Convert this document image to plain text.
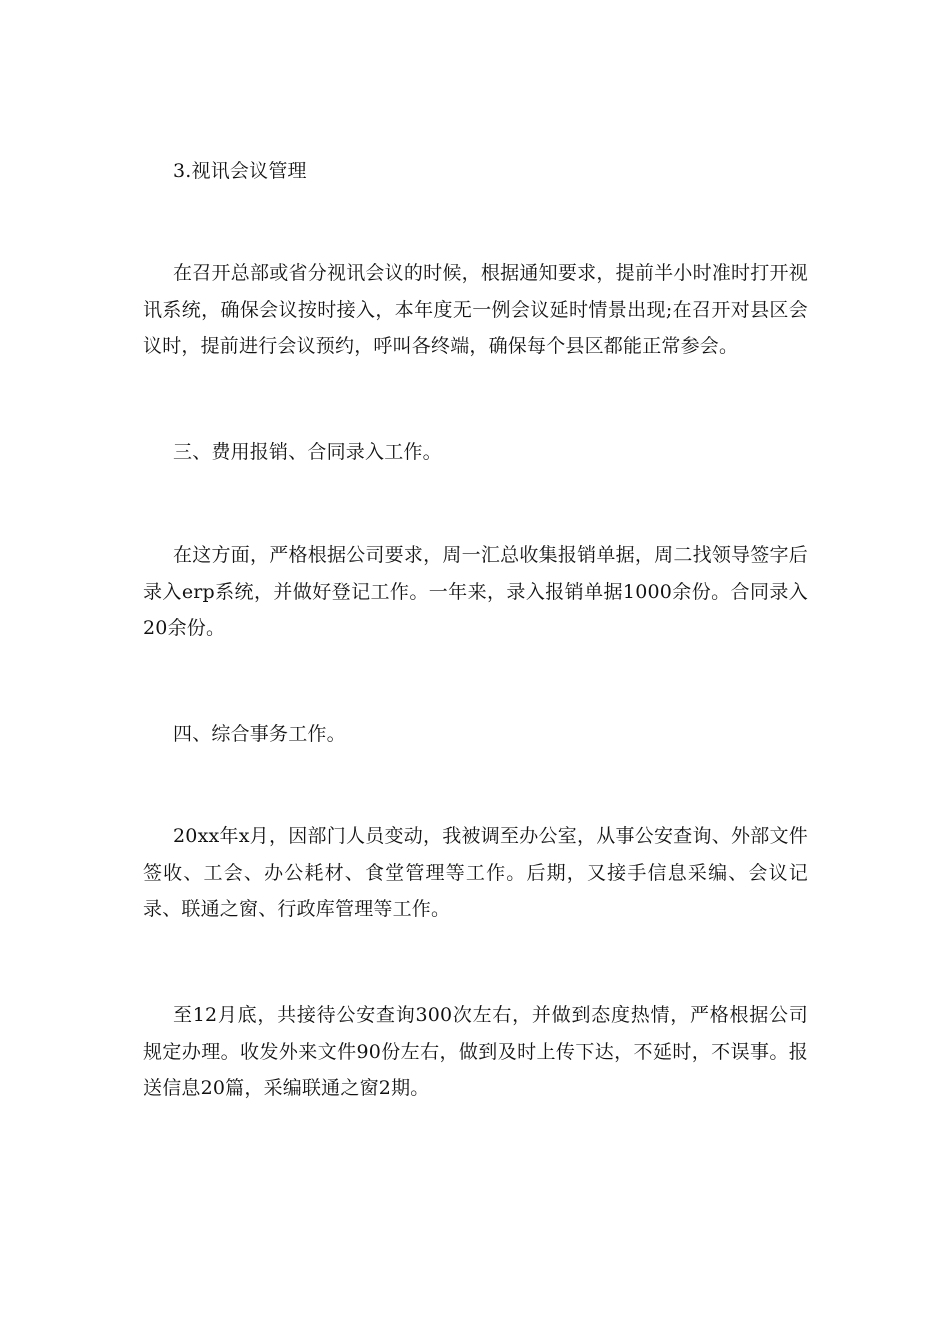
3.视讯会议管理

在召开总部或省分视讯会议的时候，根据通知要求，提前半小时准时打开视讯系统，确保会议按时接入，本年度无一例会议延时情景出现;在召开对县区会议时，提前进行会议预约，呼叫各终端，确保每个县区都能正常参会。

三、费用报销、合同录入工作。

在这方面，严格根据公司要求，周一汇总收集报销单据，周二找领导签字后录入erp系统，并做好登记工作。一年来，录入报销单据1000余份。合同录入20余份。

四、综合事务工作。

20xx年x月，因部门人员变动，我被调至办公室，从事公安查询、外部文件签收、工会、办公耗材、食堂管理等工作。后期，又接手信息采编、会议记录、联通之窗、行政库管理等工作。

至12月底，共接待公安查询300次左右，并做到态度热情，严格根据公司规定办理。收发外来文件90份左右，做到及时上传下达，不延时，不误事。报送信息20篇，采编联通之窗2期。
